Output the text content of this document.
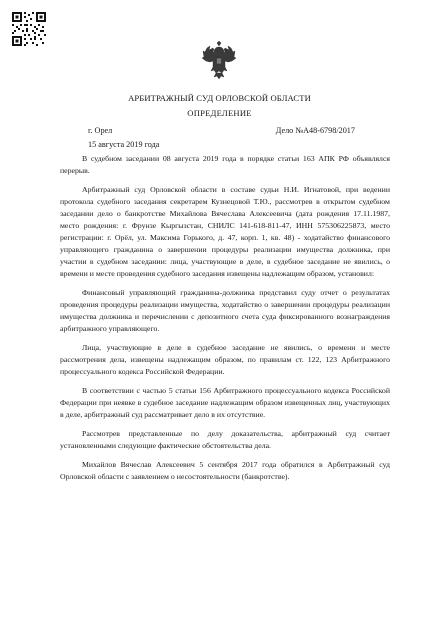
АРБИТРАЖНЫЙ СУД ОРЛОВСКОЙ ОБЛАСТИ
ОПРЕДЕЛЕНИЕ
г. Орел	Дело №А48-6798/2017
15 августа 2019 года

В судебном заседании 08 августа 2019 года в порядке статьи 163 АПК РФ объявлялся перерыв.

Арбитражный суд Орловской области в составе судьи Н.И. Игнатовой, при ведении протокола судебного заседания секретарем Кузнецовой Т.Ю., рассмотрев в открытом судебном заседании дело о банкротстве Михайлова Вячеслава Алексеевича (дата рождения 17.11.1987, место рождения: г. Фрунзе Кыргызстан, СНИЛС 141-618-811-47, ИНН 575306225873, место регистрации: г. Орёл, ул. Максима Горького, д. 47, корп. 1, кв. 48) - ходатайство финансового управляющего гражданина о завершении процедуры реализации имущества должника, при участии в судебном заседании: лица, участвующие в деле, в судебное заседание не явились, о времени и месте проведения судебного заседания извещены надлежащим образом, установил:

Финансовый управляющий гражданина-должника представил суду отчет о результатах проведения процедуры реализации имущества, ходатайство о завершении процедуры реализации имущества должника и перечислении с депозитного счета суда фиксированного вознаграждения арбитражного управляющего.

Лица, участвующие в деле в судебное заседание не явились, о времени и месте рассмотрения дела, извещены надлежащим образом, по правилам ст. 122, 123 Арбитражного процессуального кодекса Российской Федерации.

В соответствии с частью 5 статьи 156 Арбитражного процессуального кодекса Российской Федерации при неявке в судебное заседание надлежащим образом извещенных лиц, участвующих в деле, арбитражный суд рассматривает дело в их отсутствие.

Рассмотрев представленные по делу доказательства, арбитражный суд считает установленными следующие фактические обстоятельства дела.

Михайлов Вячеслав Алексеевич 5 сентября 2017 года обратился в Арбитражный суд Орловской области с заявлением о несостоятельности (банкротстве).
